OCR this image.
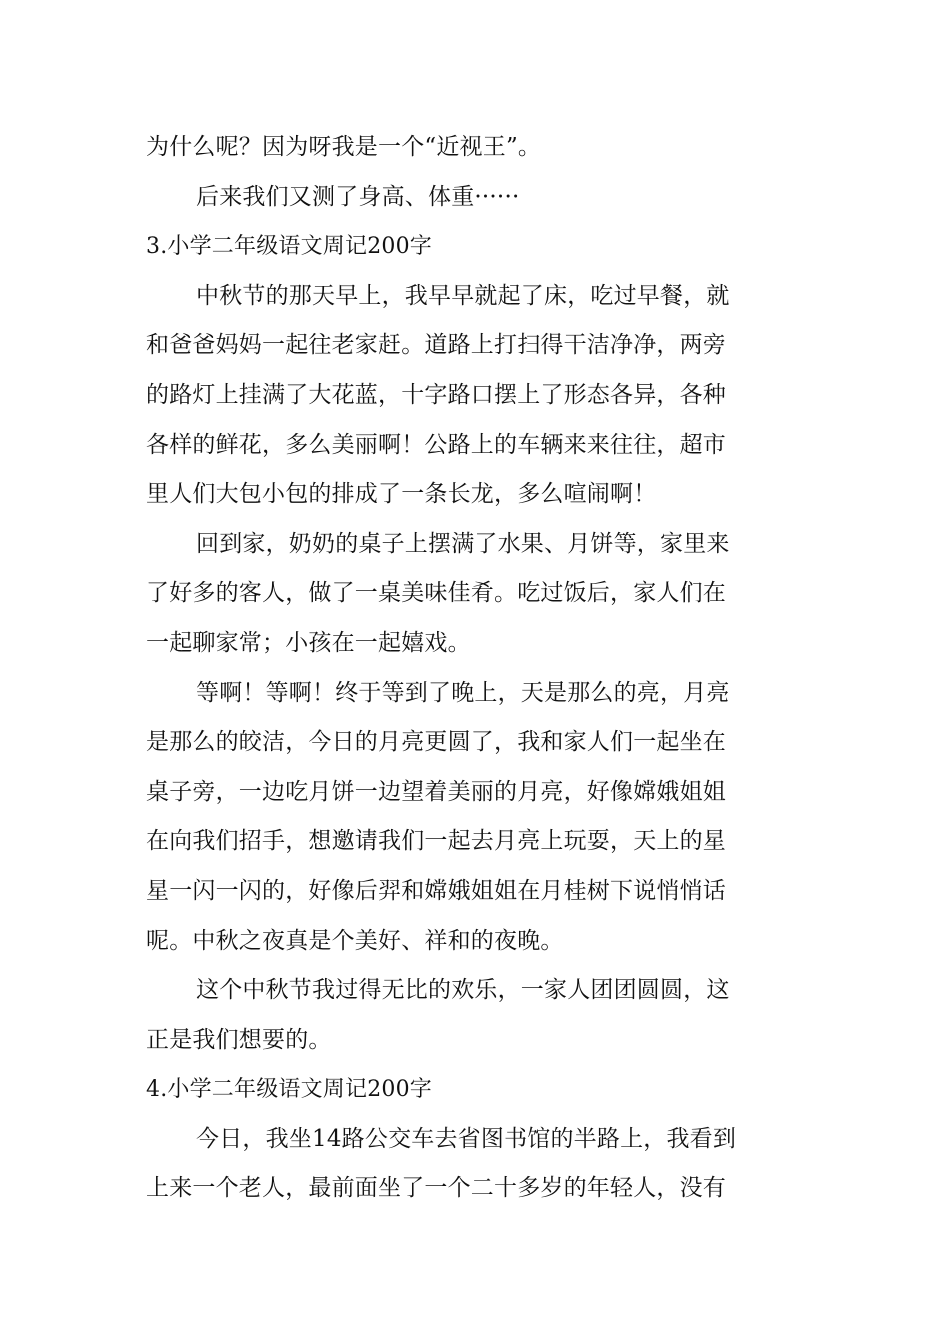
为什么呢？因为呀我是一个“近视王”。
后来我们又测了身高、体重······
3.小学二年级语文周记200字
中秋节的那天早上，我早早就起了床，吃过早餐，就
和爸爸妈妈一起往老家赶。道路上打扫得干洁净净，两旁
的路灯上挂满了大花蓝，十字路口摆上了形态各异，各种
各样的鲜花，多么美丽啊！公路上的车辆来来往往，超市
里人们大包小包的排成了一条长龙，多么喧闹啊！
回到家，奶奶的桌子上摆满了水果、月饼等，家里来
了好多的客人，做了一桌美味佳肴。吃过饭后，家人们在
一起聊家常；小孩在一起嬉戏。
等啊！等啊！终于等到了晚上，天是那么的亮，月亮
是那么的皎洁，今日的月亮更圆了，我和家人们一起坐在
桌子旁，一边吃月饼一边望着美丽的月亮，好像嫦娥姐姐
在向我们招手，想邀请我们一起去月亮上玩耍，天上的星
星一闪一闪的，好像后羿和嫦娥姐姐在月桂树下说悄悄话
呢。中秋之夜真是个美好、祥和的夜晚。
这个中秋节我过得无比的欢乐，一家人团团圆圆，这
正是我们想要的。
4.小学二年级语文周记200字
今日，我坐14路公交车去省图书馆的半路上，我看到
上来一个老人，最前面坐了一个二十多岁的年轻人，没有
